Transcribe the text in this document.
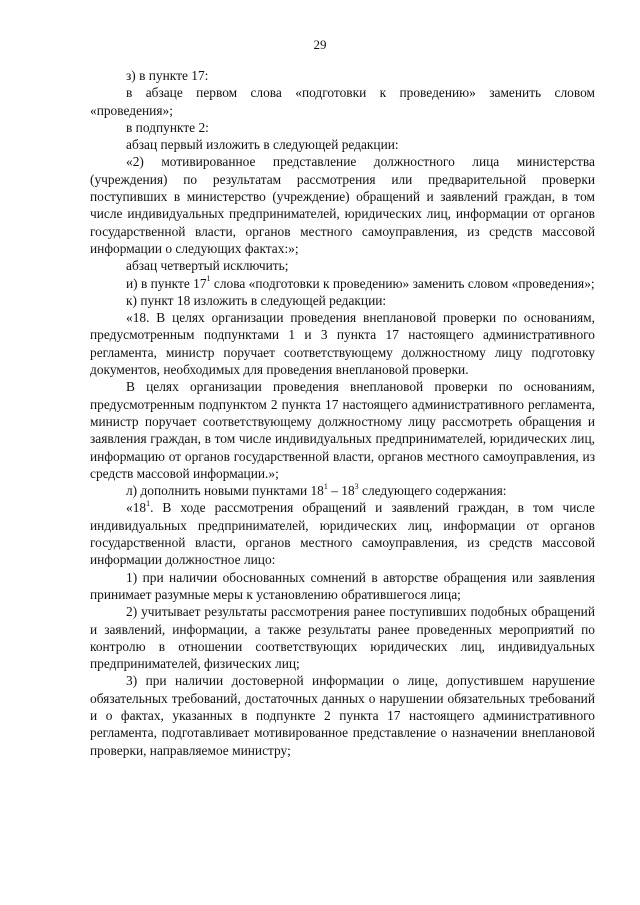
29

з) в пункте 17:

в абзаце первом слова «подготовки к проведению» заменить словом «проведения»;

в подпункте 2:

абзац первый изложить в следующей редакции:

«2) мотивированное представление должностного лица министерства (учреждения) по результатам рассмотрения или предварительной проверки поступивших в министерство (учреждение) обращений и заявлений граждан, в том числе индивидуальных предпринимателей, юридических лиц, информации от органов государственной власти, органов местного самоуправления, из средств массовой информации о следующих фактах:»;

абзац четвертый исключить;

и) в пункте $17^1$ слова «подготовки к проведению» заменить словом «проведения»;

к) пункт 18 изложить в следующей редакции:

«18. В целях организации проведения внеплановой проверки по основаниям, предусмотренным подпунктами 1 и 3 пункта 17 настоящего административного регламента, министр поручает соответствующему должностному лицу подготовку документов, необходимых для проведения внеплановой проверки.

В целях организации проведения внеплановой проверки по основаниям, предусмотренным подпунктом 2 пункта 17 настоящего административного регламента, министр поручает соответствующему должностному лицу рассмотреть обращения и заявления граждан, в том числе индивидуальных предпринимателей, юридических лиц, информацию от органов государственной власти, органов местного самоуправления, из средств массовой информации.»;

л) дополнить новыми пунктами $18^1 - 18^3$ следующего содержания:

«$18^1$. В ходе рассмотрения обращений и заявлений граждан, в том числе индивидуальных предпринимателей, юридических лиц, информации от органов государственной власти, органов местного самоуправления, из средств массовой информации должностное лицо:

1) при наличии обоснованных сомнений в авторстве обращения или заявления принимает разумные меры к установлению обратившегося лица;

2) учитывает результаты рассмотрения ранее поступивших подобных обращений и заявлений, информации, а также результаты ранее проведенных мероприятий по контролю в отношении соответствующих юридических лиц, индивидуальных предпринимателей, физических лиц;

3) при наличии достоверной информации о лице, допустившем нарушение обязательных требований, достаточных данных о нарушении обязательных требований и о фактах, указанных в подпункте 2 пункта 17 настоящего административного регламента, подготавливает мотивированное представление о назначении внеплановой проверки, направляемое министру;
